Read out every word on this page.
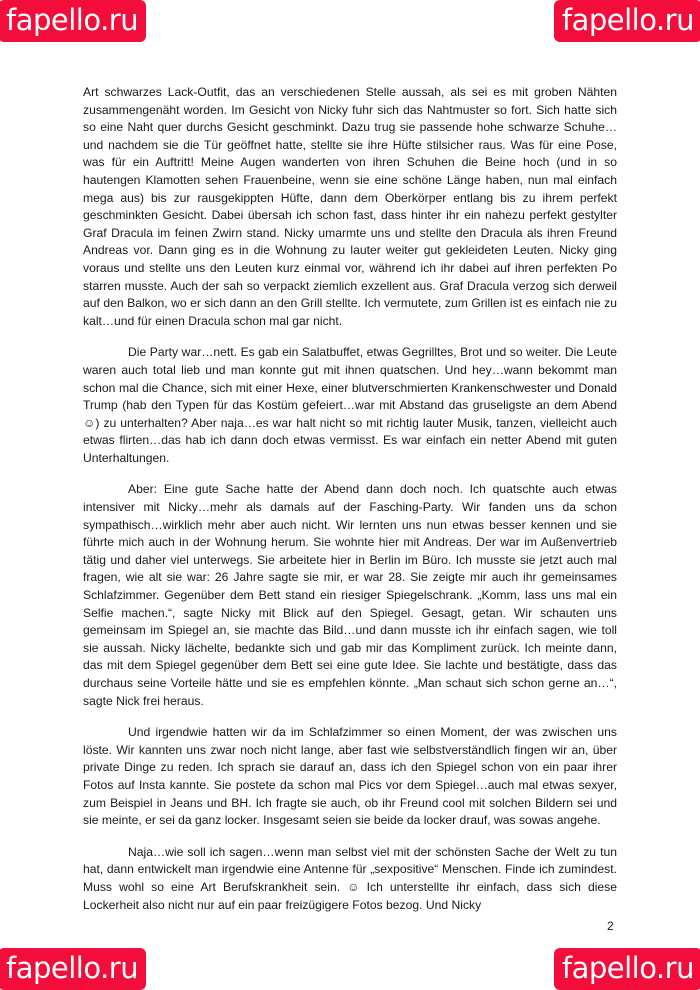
fapello.ru	fapello.ru

Art schwarzes Lack-Outfit, das an verschiedenen Stelle aussah, als sei es mit groben Nähten zusammengenäht worden. Im Gesicht von Nicky fuhr sich das Nahtmuster so fort. Sich hatte sich so eine Naht quer durchs Gesicht geschminkt. Dazu trug sie passende hohe schwarze Schuhe…und nachdem sie die Tür geöffnet hatte, stellte sie ihre Hüfte stilsicher raus. Was für eine Pose, was für ein Auftritt! Meine Augen wanderten von ihren Schuhen die Beine hoch (und in so hautengen Klamotten sehen Frauenbeine, wenn sie eine schöne Länge haben, nun mal einfach mega aus) bis zur rausgekippten Hüfte, dann dem Oberkörper entlang bis zu ihrem perfekt geschminkten Gesicht. Dabei übersah ich schon fast, dass hinter ihr ein nahezu perfekt gestylter Graf Dracula im feinen Zwirn stand. Nicky umarmte uns und stellte den Dracula als ihren Freund Andreas vor. Dann ging es in die Wohnung zu lauter weiter gut gekleideten Leuten. Nicky ging voraus und stellte uns den Leuten kurz einmal vor, während ich ihr dabei auf ihren perfekten Po starren musste. Auch der sah so verpackt ziemlich exzellent aus. Graf Dracula verzog sich derweil auf den Balkon, wo er sich dann an den Grill stellte. Ich vermutete, zum Grillen ist es einfach nie zu kalt…und für einen Dracula schon mal gar nicht.

Die Party war…nett. Es gab ein Salatbuffet, etwas Gegrilltes, Brot und so weiter. Die Leute waren auch total lieb und man konnte gut mit ihnen quatschen. Und hey…wann bekommt man schon mal die Chance, sich mit einer Hexe, einer blutverschmierten Krankenschwester und Donald Trump (hab den Typen für das Kostüm gefeiert…war mit Abstand das gruseligste an dem Abend ☺) zu unterhalten? Aber naja…es war halt nicht so mit richtig lauter Musik, tanzen, vielleicht auch etwas flirten…das hab ich dann doch etwas vermisst. Es war einfach ein netter Abend mit guten Unterhaltungen.

Aber: Eine gute Sache hatte der Abend dann doch noch. Ich quatschte auch etwas intensiver mit Nicky…mehr als damals auf der Fasching-Party. Wir fanden uns da schon sympathisch…wirklich mehr aber auch nicht. Wir lernten uns nun etwas besser kennen und sie führte mich auch in der Wohnung herum. Sie wohnte hier mit Andreas. Der war im Außenvertrieb tätig und daher viel unterwegs. Sie arbeitete hier in Berlin im Büro. Ich musste sie jetzt auch mal fragen, wie alt sie war: 26 Jahre sagte sie mir, er war 28. Sie zeigte mir auch ihr gemeinsames Schlafzimmer. Gegenüber dem Bett stand ein riesiger Spiegelschrank. „Komm, lass uns mal ein Selfie machen.“, sagte Nicky mit Blick auf den Spiegel. Gesagt, getan. Wir schauten uns gemeinsam im Spiegel an, sie machte das Bild…und dann musste ich ihr einfach sagen, wie toll sie aussah. Nicky lächelte, bedankte sich und gab mir das Kompliment zurück. Ich meinte dann, das mit dem Spiegel gegenüber dem Bett sei eine gute Idee. Sie lachte und bestätigte, dass das durchaus seine Vorteile hätte und sie es empfehlen könnte. „Man schaut sich schon gerne an…“, sagte Nick frei heraus.

Und irgendwie hatten wir da im Schlafzimmer so einen Moment, der was zwischen uns löste. Wir kannten uns zwar noch nicht lange, aber fast wie selbstverständlich fingen wir an, über private Dinge zu reden. Ich sprach sie darauf an, dass ich den Spiegel schon von ein paar ihrer Fotos auf Insta kannte. Sie postete da schon mal Pics vor dem Spiegel…auch mal etwas sexyer, zum Beispiel in Jeans und BH. Ich fragte sie auch, ob ihr Freund cool mit solchen Bildern sei und sie meinte, er sei da ganz locker. Insgesamt seien sie beide da locker drauf, was sowas angehe.

Naja…wie soll ich sagen…wenn man selbst viel mit der schönsten Sache der Welt zu tun hat, dann entwickelt man irgendwie eine Antenne für „sexpositive“ Menschen. Finde ich zumindest. Muss wohl so eine Art Berufskrankheit sein. ☺ Ich unterstellte ihr einfach, dass sich diese Lockerheit also nicht nur auf ein paar freizügigere Fotos bezog. Und Nicky

2
fapello.ru	fapello.ru
